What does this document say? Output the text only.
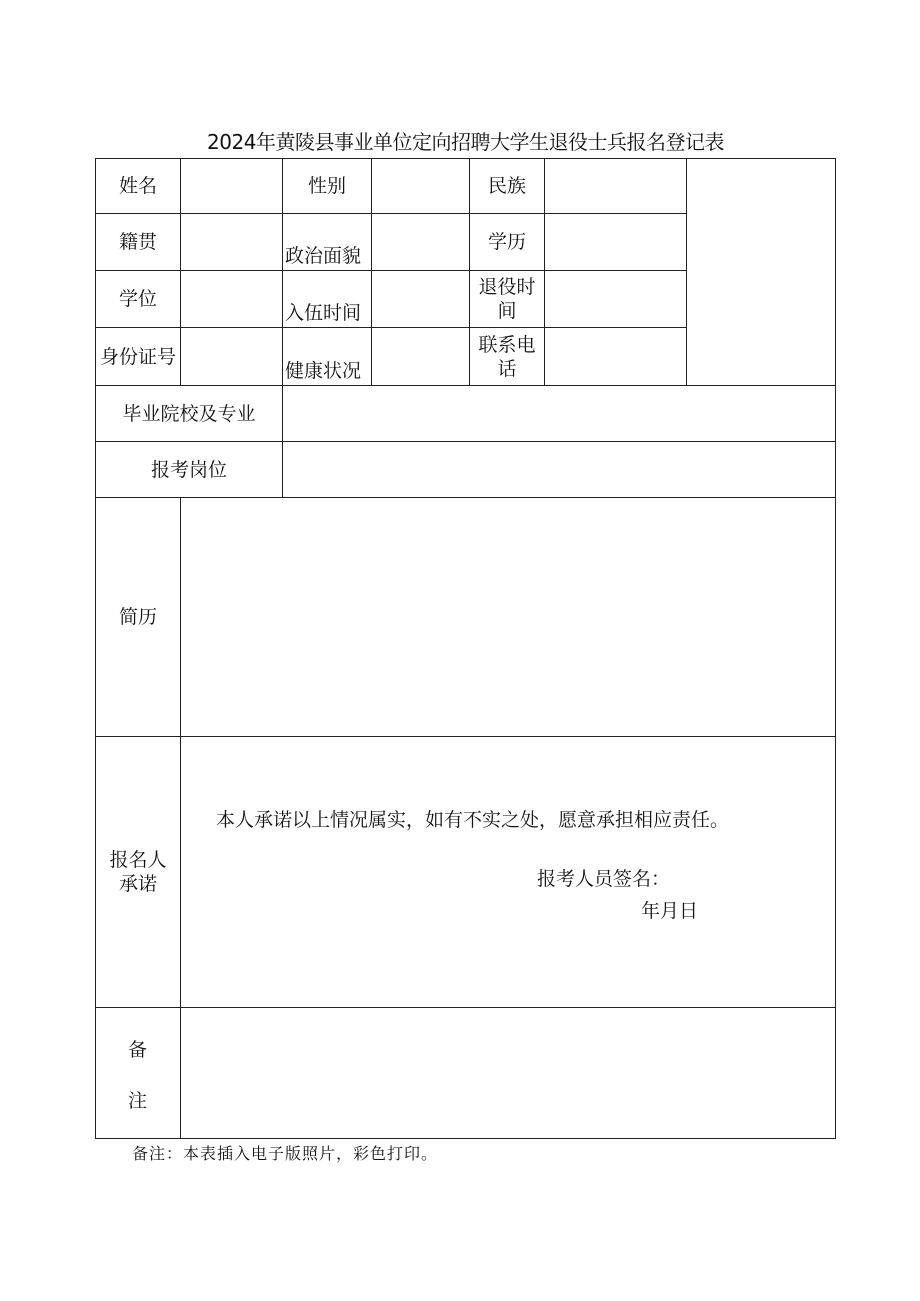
2024年黄陵县事业单位定向招聘大学生退役士兵报名登记表
姓名	性别	民族
籍贯
政治面貌
学历
学位
入伍时间
退役时间
身份证号
健康状况
联系电话
毕业院校及专业
报考岗位
简历
报名人承诺
本人承诺以上情况属实，如有不实之处，愿意承担相应责任。
报考人员签名：
年月日
备
注
备注：本表插入电子版照片，彩色打印。
